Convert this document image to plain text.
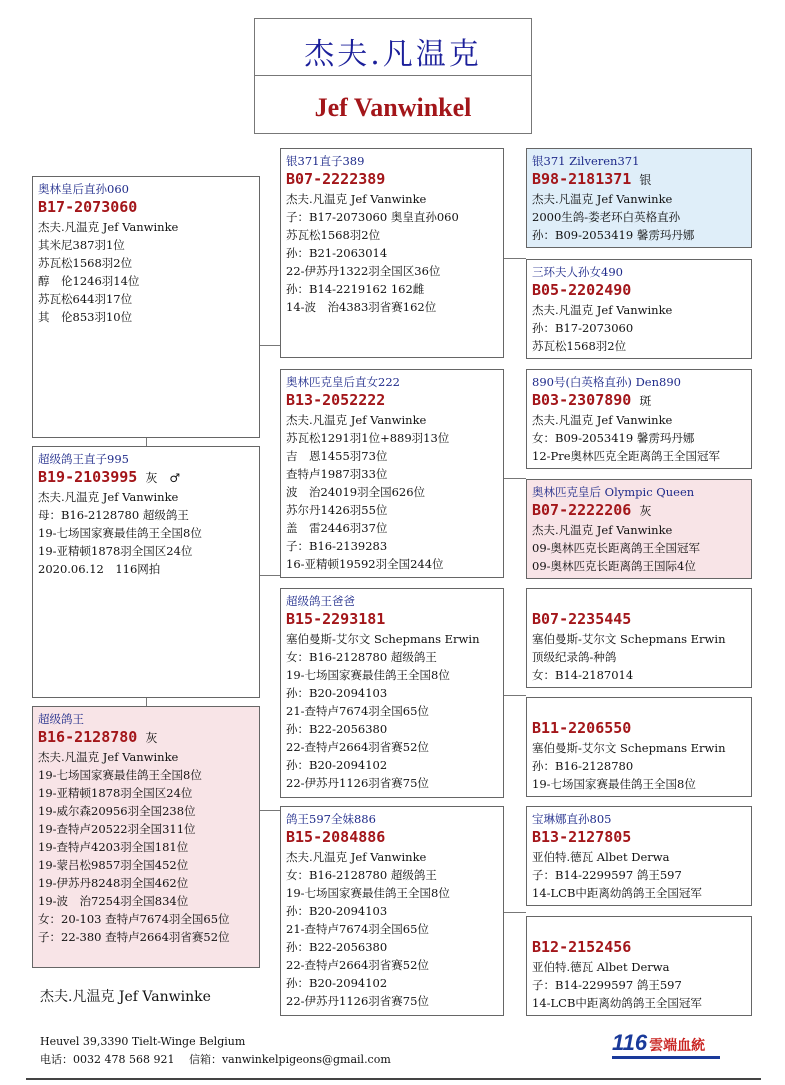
杰夫.凡温克
Jef Vanwinkel
奥林皇后直孙060
B17-2073060
杰夫.凡温克 Jef Vanwinke
其米尼387羽1位
苏瓦松1568羽2位
醇　伦1246羽14位
苏瓦松644羽17位
其　伦853羽10位
超级鸽王直子995
B19-2103995 灰　♂
杰夫.凡温克 Jef Vanwinke
母：B16-2128780 超级鸽王
19-七场国家赛最佳鸽王全国8位
19-亚精顿1878羽全国区24位
2020.06.12　116网拍
超级鸽王
B16-2128780 灰
杰夫.凡温克 Jef Vanwinke
19-七场国家赛最佳鸽王全国8位
19-亚精顿1878羽全国区24位
19-威尔森20956羽全国238位
19-查特卢20522羽全国311位
19-查特卢4203羽全国181位
19-蒙吕松9857羽全国452位
19-伊苏丹8248羽全国462位
19-波　治7254羽全国834位
女：20-103 查特卢7674羽全国65位
子：22-380 查特卢2664羽省赛52位
银371直子389
B07-2222389
杰夫.凡温克 Jef Vanwinke
子：B17-2073060 奥皇直孙060
苏瓦松1568羽2位
孙：B21-2063014
22-伊苏丹1322羽全国区36位
孙：B14-2219162 162雌
14-波　治4383羽省赛162位
奥林匹克皇后直女222
B13-2052222
杰夫.凡温克 Jef Vanwinke
苏瓦松1291羽1位+889羽13位
吉　恩1455羽73位
查特卢1987羽33位
波　治24019羽全国626位
苏尔丹1426羽55位
盖　雷2446羽37位
子：B16-2139283
16-亚精顿19592羽全国244位
超级鸽王爸爸
B15-2293181
塞伯曼斯-艾尔文 Schepmans Erwin
女：B16-2128780 超级鸽王
19-七场国家赛最佳鸽王全国8位
孙：B20-2094103
21-查特卢7674羽全国65位
孙：B22-2056380
22-查特卢2664羽省赛52位
孙：B20-2094102
22-伊苏丹1126羽省赛75位
鸽王597全妹886
B15-2084886
杰夫.凡温克 Jef Vanwinke
女：B16-2128780 超级鸽王
19-七场国家赛最佳鸽王全国8位
孙：B20-2094103
21-查特卢7674羽全国65位
孙：B22-2056380
22-查特卢2664羽省赛52位
孙：B20-2094102
22-伊苏丹1126羽省赛75位
银371 Zilveren371
B98-2181371 银
杰夫.凡温克 Jef Vanwinke
2000生鸽-娄老环白英格直孙
孙：B09-2053419 馨雳玛丹娜
三环夫人孙女490
B05-2202490
杰夫.凡温克 Jef Vanwinke
孙：B17-2073060
苏瓦松1568羽2位
890号(白英格直孙) Den890
B03-2307890 斑
杰夫.凡温克 Jef Vanwinke
女：B09-2053419 馨雳玛丹娜
12-Pre奥林匹克全距离鸽王全国冠军
奥林匹克皇后 Olympic Queen
B07-2222206 灰
杰夫.凡温克 Jef Vanwinke
09-奥林匹克长距离鸽王全国冠军
09-奥林匹克长距离鸽王国际4位
B07-2235445
塞伯曼斯-艾尔文 Schepmans Erwin
顶级纪录鸽-种鸽
女：B14-2187014
B11-2206550
塞伯曼斯-艾尔文 Schepmans Erwin
孙：B16-2128780
19-七场国家赛最佳鸽王全国8位
宝琳娜直孙805
B13-2127805
亚伯特.德瓦 Albet Derwa
子：B14-2299597 鸽王597
14-LCB中距离幼鸽鸽王全国冠军
B12-2152456
亚伯特.德瓦 Albet Derwa
子：B14-2299597 鸽王597
14-LCB中距离幼鸽鸽王全国冠军
杰夫.凡温克 Jef Vanwinke
Heuvel 39,3390 Tielt-Winge Belgium
电话：0032 478 568 921　 信箱：vanwinkelpigeons@gmail.com
116 雲端血統
